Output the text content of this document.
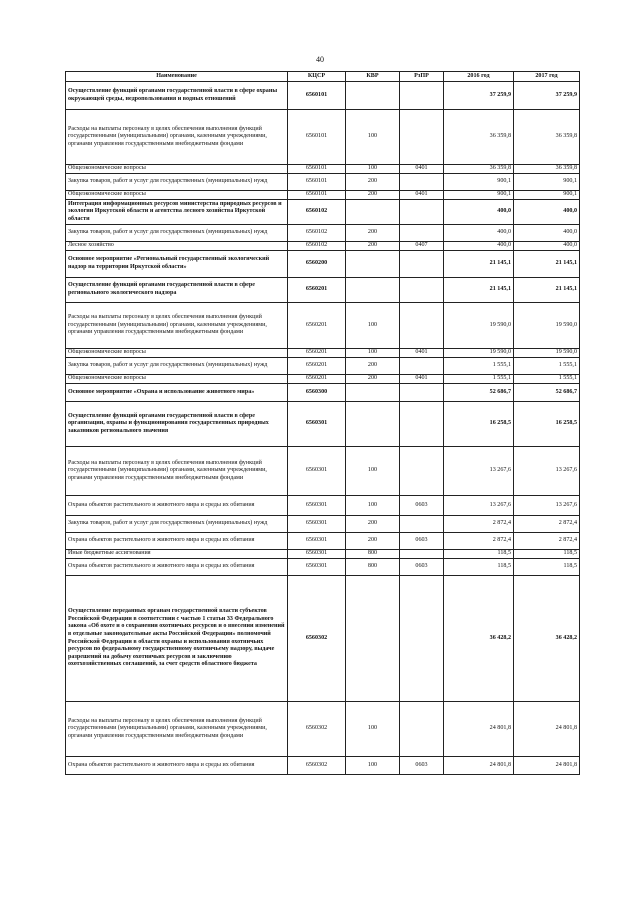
40
Наименование	КЦСР	КВР	РзПР	2016 год	2017 год
Осуществление функций органами государственной власти в сфере охраны окружающей среды, недропользования и водных отношений	6560101			37 259,9	37 259,9
Расходы на выплаты персоналу в целях обеспечения выполнения функций государственными (муниципальными) органами, казенными учреждениями, органами управления государственными внебюджетными фондами	6560101	100		36 359,8	36 359,8
Общеэкономические вопросы	6560101	100	0401	36 359,8	36 359,8
Закупка товаров, работ и услуг для государственных (муниципальных) нужд	6560101	200		900,1	900,1
Общеэкономические вопросы	6560101	200	0401	900,1	900,1
Интеграция информационных ресурсов министерства природных ресурсов и экологии Иркутской области и агентства лесного хозяйства Иркутской области	6560102			400,0	400,0
Закупка товаров, работ и услуг для государственных (муниципальных) нужд	6560102	200		400,0	400,0
Лесное хозяйство	6560102	200	0407	400,0	400,0
Основное мероприятие «Региональный государственный экологический надзор на территории Иркутской области»	6560200			21 145,1	21 145,1
Осуществление функций органами государственной власти в сфере регионального экологического надзора	6560201			21 145,1	21 145,1
Расходы на выплаты персоналу в целях обеспечения выполнения функций государственными (муниципальными) органами, казенными учреждениями, органами управления государственными внебюджетными фондами	6560201	100		19 590,0	19 590,0
Общеэкономические вопросы	6560201	100	0401	19 590,0	19 590,0
Закупка товаров, работ и услуг для государственных (муниципальных) нужд	6560201	200		1 555,1	1 555,1
Общеэкономические вопросы	6560201	200	0401	1 555,1	1 555,1
Основное мероприятие «Охрана и использование животного мира»	6560300			52 686,7	52 686,7
Осуществление функций органами государственной власти в сфере организации, охраны и функционирования государственных природных заказников регионального значения	6560301			16 258,5	16 258,5
Расходы на выплаты персоналу в целях обеспечения выполнения функций государственными (муниципальными) органами, казенными учреждениями, органами управления государственными внебюджетными фондами	6560301	100		13 267,6	13 267,6
Охрана объектов растительного и животного мира и среды их обитания	6560301	100	0603	13 267,6	13 267,6
Закупка товаров, работ и услуг для государственных (муниципальных) нужд	6560301	200		2 872,4	2 872,4
Охрана объектов растительного и животного мира и среды их обитания	6560301	200	0603	2 872,4	2 872,4
Иные бюджетные ассигнования	6560301	800		118,5	118,5
Охрана объектов растительного и животного мира и среды их обитания	6560301	800	0603	118,5	118,5
Осуществление переданных органам государственной власти субъектов Российской Федерации в соответствии с частью 1 статьи 33 Федерального закона «Об охоте и о сохранении охотничьих ресурсов и о внесении изменений в отдельные законодательные акты Российской Федерации» полномочий Российской Федерации в области охраны и использования охотничьих ресурсов по федеральному государственному охотничьему надзору, выдаче разрешений на добычу охотничьих ресурсов и заключению охотхозяйственных соглашений, за счет средств областного бюджета	6560302			36 428,2	36 428,2
Расходы на выплаты персоналу в целях обеспечения выполнения функций государственными (муниципальными) органами, казенными учреждениями, органами управления государственными внебюджетными фондами	6560302	100		24 801,8	24 801,8
Охрана объектов растительного и животного мира и среды их обитания	6560302	100	0603	24 801,8	24 801,8
